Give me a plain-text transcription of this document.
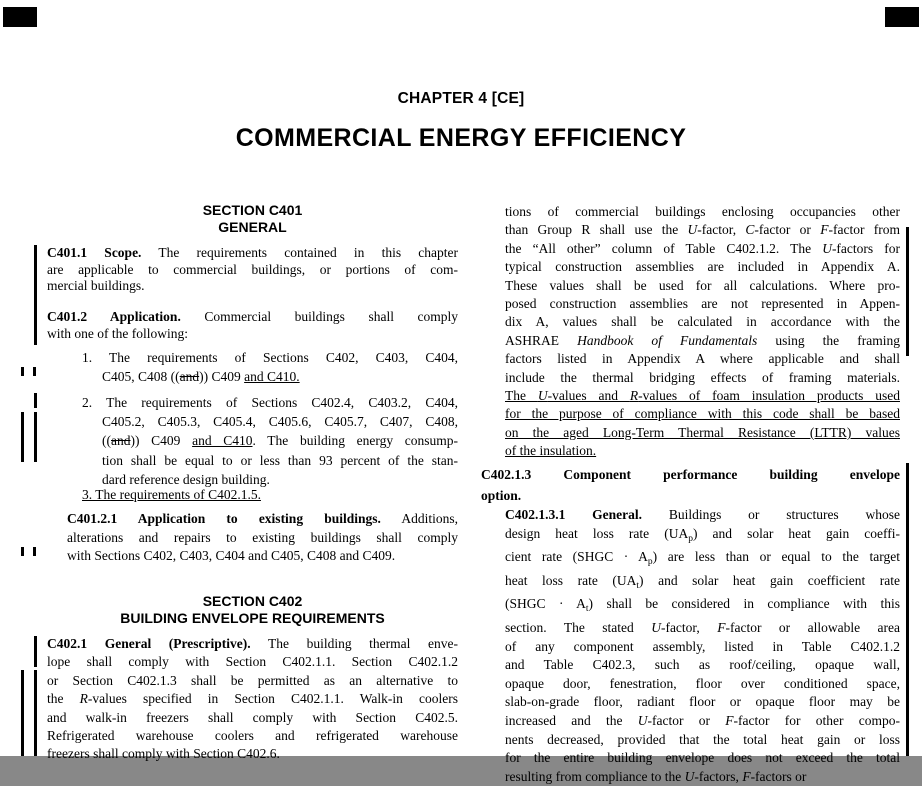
CHAPTER 4 [CE]
COMMERCIAL ENERGY EFFICIENCY
SECTION C401
GENERAL
C401.1 Scope. The requirements contained in this chapter
are applicable to commercial buildings, or portions of com-
mercial buildings.
C401.2 Application. Commercial buildings shall comply
with one of the following:
1. The requirements of Sections C402, C403, C404,
C405, C408 ((and)) C409 and C410.
2. The requirements of Sections C402.4, C403.2, C404,
C405.2, C405.3, C405.4, C405.6, C405.7, C407, C408,
((and)) C409 and C410. The building energy consump-
tion shall be equal to or less than 93 percent of the stan-
dard reference design building.
3. The requirements of C402.1.5.
C401.2.1 Application to existing buildings. Additions,
alterations and repairs to existing buildings shall comply
with Sections C402, C403, C404 and C405, C408 and C409.
SECTION C402
BUILDING ENVELOPE REQUIREMENTS
C402.1 General (Prescriptive). The building thermal enve-
lope shall comply with Section C402.1.1. Section C402.1.2
or Section C402.1.3 shall be permitted as an alternative to
the R-values specified in Section C402.1.1. Walk-in coolers
and walk-in freezers shall comply with Section C402.5.
Refrigerated warehouse coolers and refrigerated warehouse
freezers shall comply with Section C402.6.
tions of commercial buildings enclosing occupancies other
than Group R shall use the U-factor, C-factor or F-factor from
the “All other” column of Table C402.1.2. The U-factors for
typical construction assemblies are included in Appendix A.
These values shall be used for all calculations. Where pro-
posed construction assemblies are not represented in Appen-
dix A, values shall be calculated in accordance with the
ASHRAE Handbook of Fundamentals using the framing
factors listed in Appendix A where applicable and shall
include the thermal bridging effects of framing materials.
The U-values and R-values of foam insulation products used
for the purpose of compliance with this code shall be based
on the aged Long-Term Thermal Resistance (LTTR) values
of the insulation.
C402.1.3 Component performance building envelope
option.
C402.1.3.1 General. Buildings or structures whose
design heat loss rate $(UA_p)$ and solar heat gain coeffi-
cient rate (SHGC · $A_p$) are less than or equal to the target
heat loss rate $(UA_t)$ and solar heat gain coefficient rate
(SHGC · $A_t$) shall be considered in compliance with this
section. The stated U-factor, F-factor or allowable area
of any component assembly, listed in Table C402.1.2
and Table C402.3, such as roof/ceiling, opaque wall,
opaque door, fenestration, floor over conditioned space,
slab-on-grade floor, radiant floor or opaque floor may be
increased and the U-factor or F-factor for other compo-
nents decreased, provided that the total heat gain or loss
for the entire building envelope does not exceed the total
resulting from compliance to the U-factors, F-factors or
